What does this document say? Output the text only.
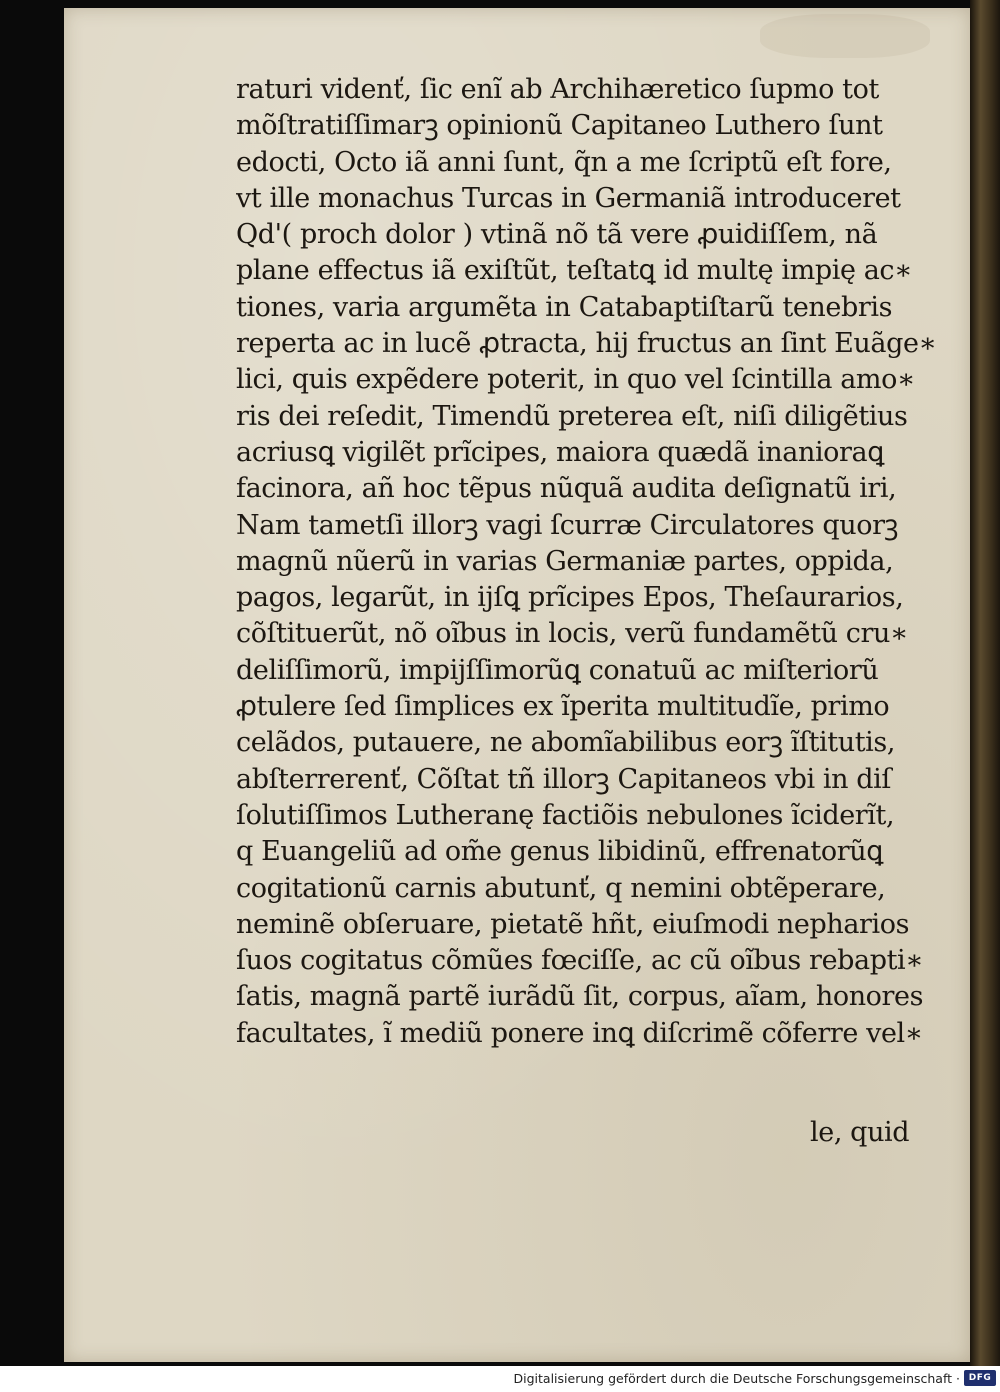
raturi videnť, ſic enĩ ab Archihæretico ſupmo tot
mõſtratiſſimarꝫ opinionũ Capitaneo Luthero ſunt
edocti, Octo iã anni ſunt, q̃n a me ſcriptũ eſt fore,
vt ille monachus Turcas in Germaniã introduceret
Qd'( proch dolor ) vtinã nõ tã vere ꝓuidiſſem, nã
plane effectus iã exiſtũt, teſtatꝗ id multę impię ac∗
tiones, varia argumẽta in Catabaptiſtarũ tenebris
reperta ac in lucẽ ꝓtracta, hij fructus an ſint Euãge∗
lici, quis expẽdere poterit, in quo vel ſcintilla amo∗
ris dei reſedit, Timendũ preterea eſt, niſi diligẽtius
acriusꝗ vigilẽt prĩcipes, maiora quædã inanioraꝗ
facinora, añ hoc tẽpus nũquã audita deſignatũ iri,
Nam tametſi illorꝫ vagi ſcurræ Circulatores quorꝫ
magnũ nũerũ in varias Germaniæ partes, oppida,
pagos, legarũt, in ijſꝗ prĩcipes Epos, Theſaurarios,
cõſtituerũt, nõ oĩbus in locis, verũ fundamẽtũ cru∗
deliſſimorũ, impijſſimorũꝗ conatuũ ac miſteriorũ
ꝓtulere ſed ſimplices ex ĩperita multitudĩe, primo
celãdos, putauere, ne abomĩabilibus eorꝫ ĩſtitutis,
abſterrerenť, Cõſtat tñ illorꝫ Capitaneos vbi in diſ
ſolutiſſimos Lutheranę factiõis nebulones ĩciderĩt,
q Euangeliũ ad om̃e genus libidinũ, effrenatorũꝗ
cogitationũ carnis abutunť, q nemini obtẽperare,
neminẽ obſeruare, pietatẽ hñt, eiuſmodi nepharios
ſuos cogitatus cõmũes fœciſſe, ac cũ oĩbus rebapti∗
ſatis, magnã partẽ iurãdũ ſit, corpus, aĩam, honores
facultates, ĩ mediũ ponere inꝗ diſcrimẽ cõferre vel∗
le, quid
Digitalisierung gefördert durch die Deutsche Forschungsgemeinschaft · DFG
